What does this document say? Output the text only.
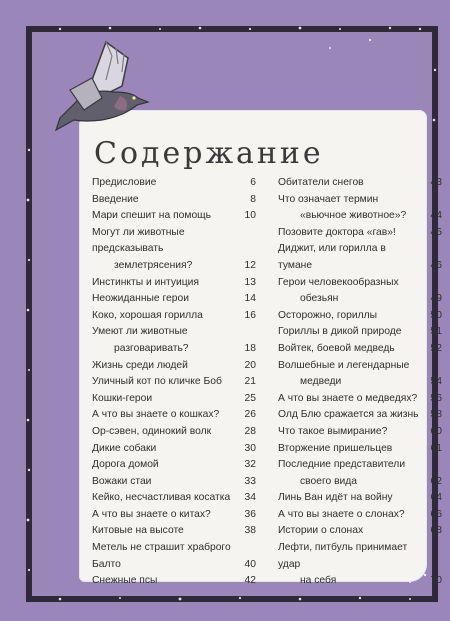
Содержание
Предисловие	6
Введение	8
Мари спешит на помощь	10
Могут ли животные предсказывать
землетрясения?	12
Инстинкты и интуиция	13
Неожиданные герои	14
Коко, хорошая горилла	16
Умеют ли животные
разговаривать?	18
Жизнь среди людей	20
Уличный кот по кличке Боб	21
Кошки-герои	25
А что вы знаете о кошках?	26
Ор-сэвен, одинокий волк	28
Дикие собаки	30
Дорога домой	32
Вожаки стаи	33
Кейко, несчастливая косатка	34
А что вы знаете о китах?	36
Китовые на высоте	38
Метель не страшит храброго Балто	40
Снежные псы	42
Обитатели снегов	43
Что означает термин
«вьючное животное»?	44
Позовите доктора «гав»!	45
Диджит, или горилла в тумане	46
Герои человекообразных
обезьян	49
Осторожно, гориллы	50
Гориллы в дикой природе	51
Войтек, боевой медведь	52
Волшебные и легендарные
медведи	54
А что вы знаете о медведях?	56
Олд Блю сражается за жизнь	58
Что такое вымирание?	60
Вторжение пришельцев	61
Последние представители
своего вида	62
Линь Ван идёт на войну	64
А что вы знаете о слонах?	66
Истории о слонах	68
Лефти, питбуль принимает удар
на себя	70
